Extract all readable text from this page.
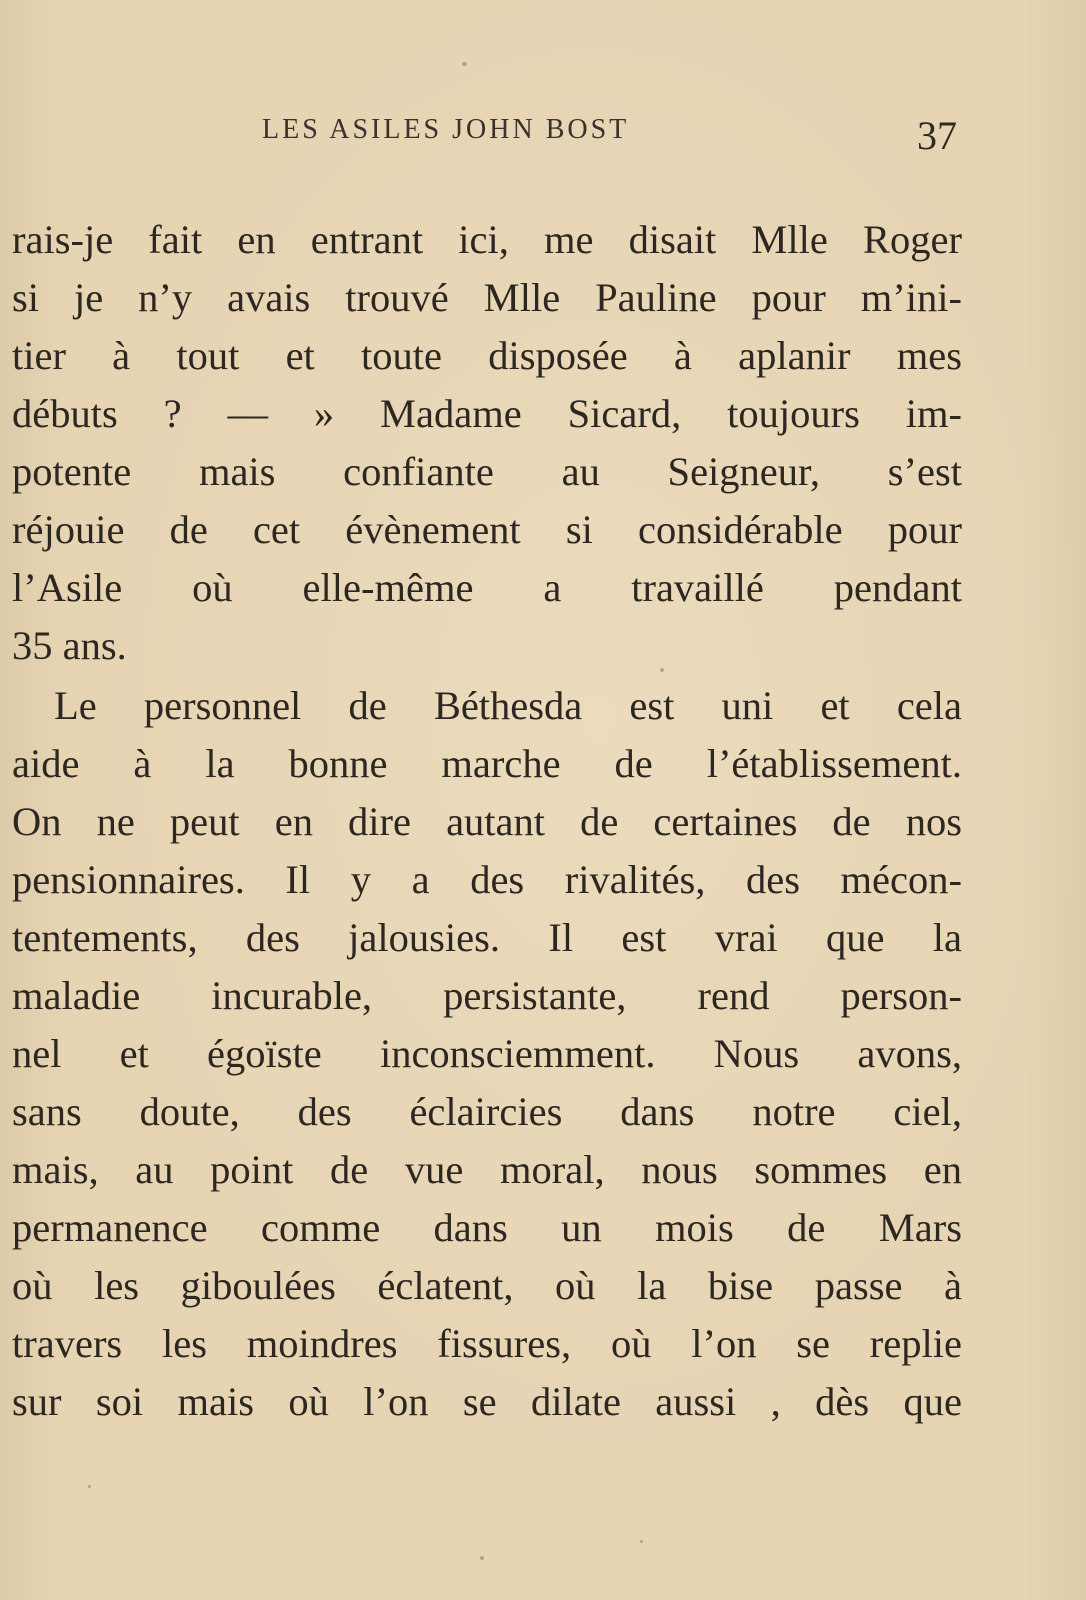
LES ASILES JOHN BOST	37
rais-je fait en entrant ici, me disait Mlle Roger
si je n’y avais trouvé Mlle Pauline pour m’ini-
tier à tout et toute disposée à aplanir mes
débuts ? — » Madame Sicard, toujours im-
potente mais confiante au Seigneur, s’est
réjouie de cet évènement si considérable pour
l’Asile où elle-même a travaillé pendant
35 ans.
Le personnel de Béthesda est uni et cela
aide à la bonne marche de l’établissement.
On ne peut en dire autant de certaines de nos
pensionnaires. Il y a des rivalités, des mécon-
tentements, des jalousies. Il est vrai que la
maladie incurable, persistante, rend person-
nel et égoïste inconsciemment. Nous avons,
sans doute, des éclaircies dans notre ciel,
mais, au point de vue moral, nous sommes en
permanence comme dans un mois de Mars
où les giboulées éclatent, où la bise passe à
travers les moindres fissures, où l’on se replie
sur soi mais où l’on se dilate aussi , dès que
